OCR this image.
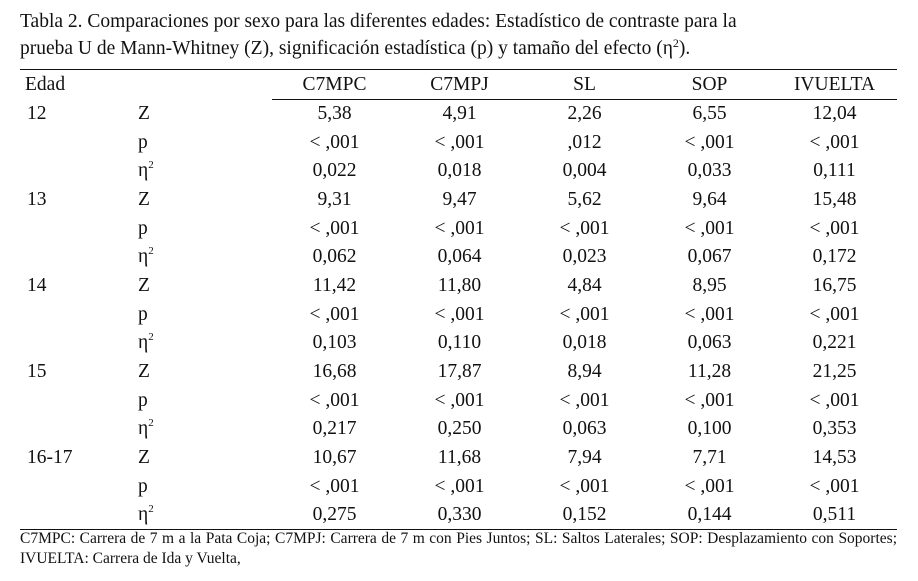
Tabla 2. Comparaciones por sexo para las diferentes edades: Estadístico de contraste para la
prueba U de Mann-Whitney (Z), significación estadística (p) y tamaño del efecto $(\eta^2)$.
Edad		C7MPC	C7MPJ	SL	SOP	IVUELTA
12	Z	5,38	4,91	2,26	6,55	12,04
	p	< ,001	< ,001	,012	< ,001	< ,001
	$\eta^2$	0,022	0,018	0,004	0,033	0,111
13	Z	9,31	9,47	5,62	9,64	15,48
	p	< ,001	< ,001	< ,001	< ,001	< ,001
	$\eta^2$	0,062	0,064	0,023	0,067	0,172
14	Z	11,42	11,80	4,84	8,95	16,75
	p	< ,001	< ,001	< ,001	< ,001	< ,001
	$\eta^2$	0,103	0,110	0,018	0,063	0,221
15	Z	16,68	17,87	8,94	11,28	21,25
	p	< ,001	< ,001	< ,001	< ,001	< ,001
	$\eta^2$	0,217	0,250	0,063	0,100	0,353
16-17	Z	10,67	11,68	7,94	7,71	14,53
	p	< ,001	< ,001	< ,001	< ,001	< ,001
	$\eta^2$	0,275	0,330	0,152	0,144	0,511
C7MPC: Carrera de 7 m a la Pata Coja; C7MPJ: Carrera de 7 m con Pies Juntos; SL: Saltos Laterales; SOP: Desplazamiento con Soportes; IVUELTA: Carrera de Ida y Vuelta,
